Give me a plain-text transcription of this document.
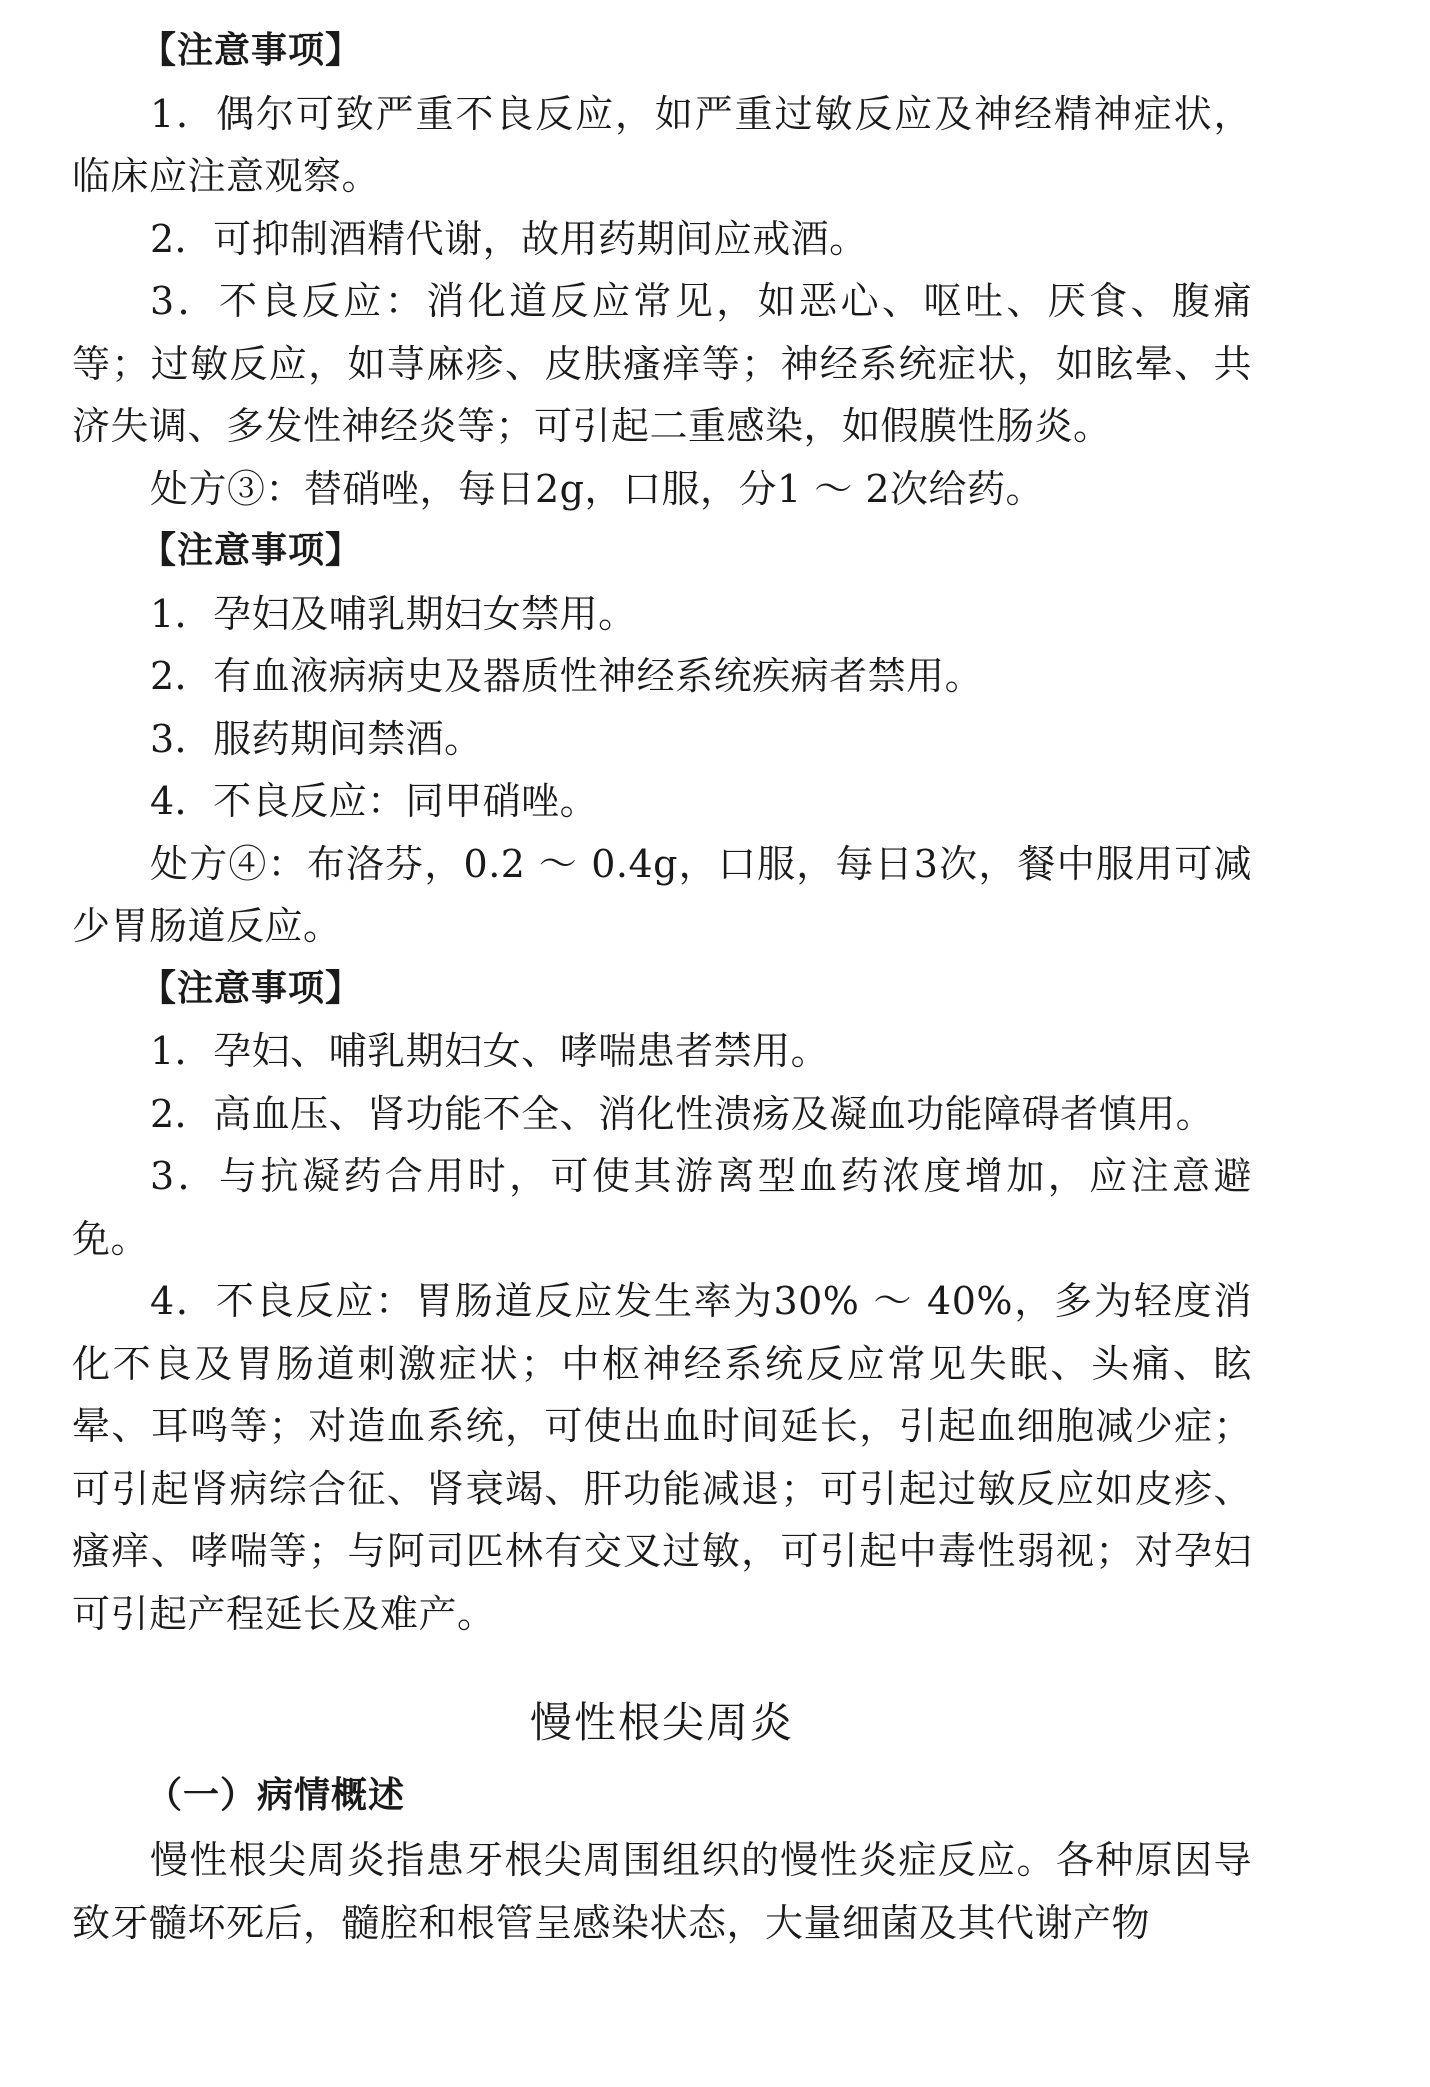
【注意事项】

1．偶尔可致严重不良反应，如严重过敏反应及神经精神症状，临床应注意观察。

2．可抑制酒精代谢，故用药期间应戒酒。

3．不良反应：消化道反应常见，如恶心、呕吐、厌食、腹痛等；过敏反应，如荨麻疹、皮肤瘙痒等；神经系统症状，如眩晕、共济失调、多发性神经炎等；可引起二重感染，如假膜性肠炎。

处方③：替硝唑，每日2g，口服，分1 ～ 2次给药。

【注意事项】

1．孕妇及哺乳期妇女禁用。

2．有血液病病史及器质性神经系统疾病者禁用。

3．服药期间禁酒。

4．不良反应：同甲硝唑。

处方④：布洛芬，0.2 ～ 0.4g，口服，每日3次，餐中服用可减少胃肠道反应。

【注意事项】

1．孕妇、哺乳期妇女、哮喘患者禁用。

2．高血压、肾功能不全、消化性溃疡及凝血功能障碍者慎用。

3．与抗凝药合用时，可使其游离型血药浓度增加，应注意避免。

4．不良反应：胃肠道反应发生率为30% ～ 40%，多为轻度消化不良及胃肠道刺激症状；中枢神经系统反应常见失眠、头痛、眩晕、耳鸣等；对造血系统，可使出血时间延长，引起血细胞减少症；可引起肾病综合征、肾衰竭、肝功能减退；可引起过敏反应如皮疹、瘙痒、哮喘等；与阿司匹林有交叉过敏，可引起中毒性弱视；对孕妇可引起产程延长及难产。

慢性根尖周炎
（一）病情概述

慢性根尖周炎指患牙根尖周围组织的慢性炎症反应。各种原因导致牙髓坏死后，髓腔和根管呈感染状态，大量细菌及其代谢产物
